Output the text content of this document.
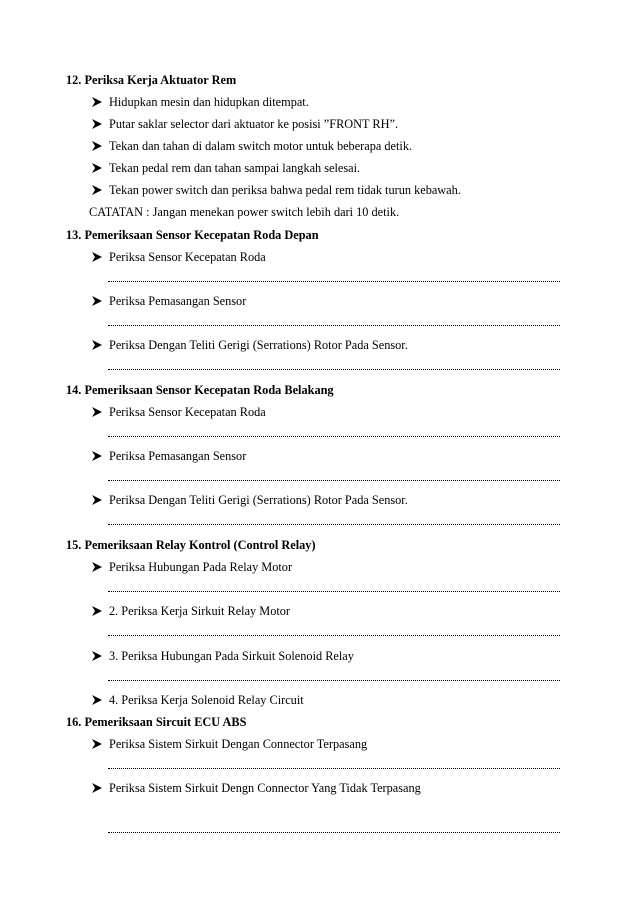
12. Periksa Kerja Aktuator Rem
Hidupkan mesin dan hidupkan ditempat.
Putar saklar selector dari aktuator ke posisi ”FRONT RH”.
Tekan dan tahan di dalam switch motor untuk beberapa detik.
Tekan pedal rem dan tahan sampai langkah selesai.
Tekan power switch dan periksa bahwa pedal rem tidak turun kebawah.
CATATAN : Jangan menekan power switch lebih dari 10 detik.
13. Pemeriksaan Sensor Kecepatan Roda Depan
Periksa Sensor Kecepatan Roda
Periksa Pemasangan Sensor
Periksa Dengan Teliti Gerigi (Serrations) Rotor Pada Sensor.
14. Pemeriksaan Sensor Kecepatan Roda Belakang
Periksa Sensor Kecepatan Roda
Periksa Pemasangan Sensor
Periksa Dengan Teliti Gerigi (Serrations) Rotor Pada Sensor.
15. Pemeriksaan Relay Kontrol (Control Relay)
Periksa Hubungan Pada Relay Motor
2. Periksa Kerja Sirkuit Relay Motor
3. Periksa Hubungan Pada Sirkuit Solenoid Relay
4. Periksa Kerja Solenoid Relay Circuit
16. Pemeriksaan Sircuit ECU ABS
Periksa Sistem Sirkuit Dengan Connector Terpasang
Periksa Sistem Sirkuit Dengn Connector Yang Tidak Terpasang
